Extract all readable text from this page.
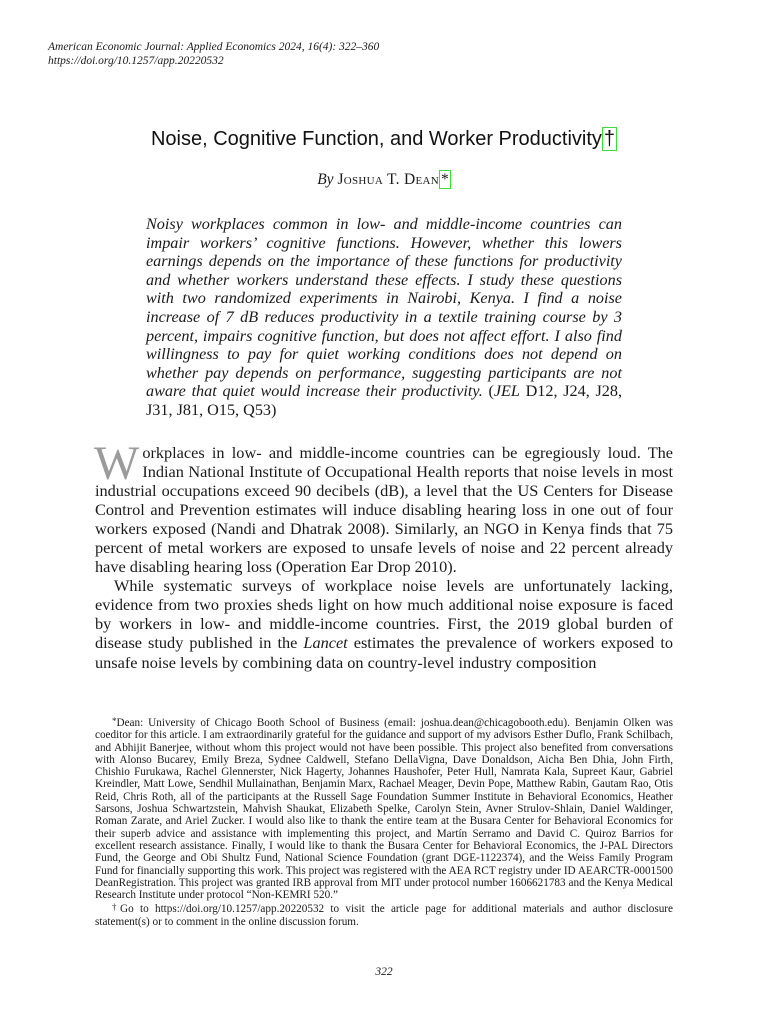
American Economic Journal: Applied Economics 2024, 16(4): 322–360
https://doi.org/10.1257/app.20220532
Noise, Cognitive Function, and Worker Productivity †
By Joshua T. Dean *
Noisy workplaces common in low- and middle-income countries can impair workers’ cognitive functions. However, whether this lowers earnings depends on the importance of these functions for productivity and whether workers understand these effects. I study these questions with two randomized experiments in Nairobi, Kenya. I find a noise increase of 7 dB reduces productivity in a textile training course by 3 percent, impairs cognitive function, but does not affect effort. I also find willingness to pay for quiet working conditions does not depend on whether pay depends on performance, suggesting participants are not aware that quiet would increase their productivity. (JEL D12, J24, J28, J31, J81, O15, Q53)

Workplaces in low- and middle-income countries can be egregiously loud. The Indian National Institute of Occupational Health reports that noise levels in most industrial occupations exceed 90 decibels (dB), a level that the US Centers for Disease Control and Prevention estimates will induce disabling hearing loss in one out of four workers exposed (Nandi and Dhatrak 2008). Similarly, an NGO in Kenya finds that 75 percent of metal workers are exposed to unsafe levels of noise and 22 percent already have disabling hearing loss (Operation Ear Drop 2010).

While systematic surveys of workplace noise levels are unfortunately lacking, evidence from two proxies sheds light on how much additional noise exposure is faced by workers in low- and middle-income countries. First, the 2019 global burden of disease study published in the Lancet estimates the prevalence of workers exposed to unsafe noise levels by combining data on country-level industry composition

*Dean: University of Chicago Booth School of Business (email: joshua.dean@chicagobooth.edu). Benjamin Olken was coeditor for this article. I am extraordinarily grateful for the guidance and support of my advisors Esther Duflo, Frank Schilbach, and Abhijit Banerjee, without whom this project would not have been possible. This project also benefited from conversations with Alonso Bucarey, Emily Breza, Sydnee Caldwell, Stefano DellaVigna, Dave Donaldson, Aicha Ben Dhia, John Firth, Chishio Furukawa, Rachel Glennerster, Nick Hagerty, Johannes Haushofer, Peter Hull, Namrata Kala, Supreet Kaur, Gabriel Kreindler, Matt Lowe, Sendhil Mullainathan, Benjamin Marx, Rachael Meager, Devin Pope, Matthew Rabin, Gautam Rao, Otis Reid, Chris Roth, all of the participants at the Russell Sage Foundation Summer Institute in Behavioral Economics, Heather Sarsons, Joshua Schwartzstein, Mahvish Shaukat, Elizabeth Spelke, Carolyn Stein, Avner Strulov-Shlain, Daniel Waldinger, Roman Zarate, and Ariel Zucker. I would also like to thank the entire team at the Busara Center for Behavioral Economics for their superb advice and assistance with implementing this project, and Martín Serramo and David C. Quiroz Barrios for excellent research assistance. Finally, I would like to thank the Busara Center for Behavioral Economics, the J-PAL Directors Fund, the George and Obi Shultz Fund, National Science Foundation (grant DGE-1122374), and the Weiss Family Program Fund for financially supporting this work. This project was registered with the AEA RCT registry under ID AEARCTR-0001500 DeanRegistration. This project was granted IRB approval from MIT under protocol number 1606621783 and the Kenya Medical Research Institute under protocol “Non-KEMRI 520.”

†Go to https://doi.org/10.1257/app.20220532 to visit the article page for additional materials and author disclosure statement(s) or to comment in the online discussion forum.

322
